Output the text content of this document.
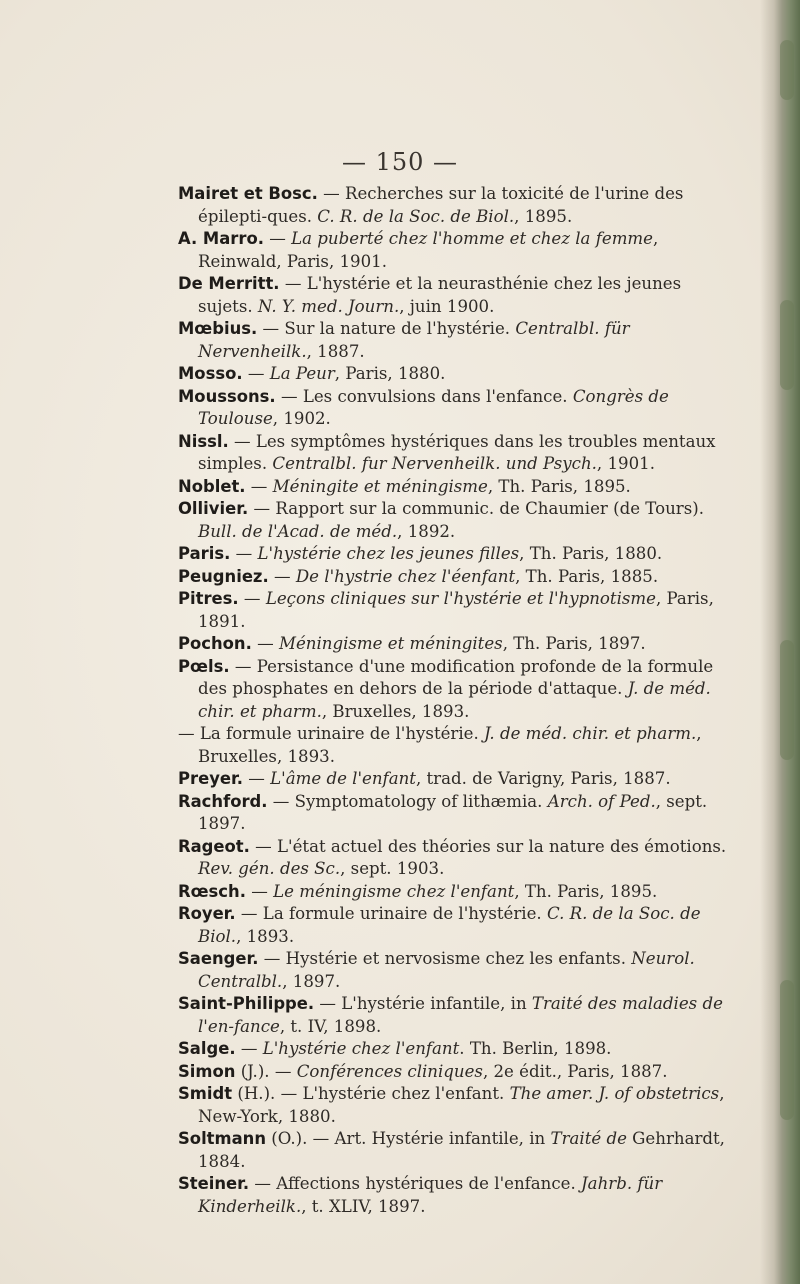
— 150 —
Mairet et Bosc. — Recherches sur la toxicité de l'urine des épilepti-ques. C. R. de la Soc. de Biol., 1895.
A. Marro. — La puberté chez l'homme et chez la femme, Reinwald, Paris, 1901.
De Merritt. — L'hystérie et la neurasthénie chez les jeunes sujets. N. Y. med. Journ., juin 1900.
Mœbius. — Sur la nature de l'hystérie. Centralbl. für Nervenheilk., 1887.
Mosso. — La Peur, Paris, 1880.
Moussons. — Les convulsions dans l'enfance. Congrès de Toulouse, 1902.
Nissl. — Les symptômes hystériques dans les troubles mentaux simples. Centralbl. fur Nervenheilk. und Psych., 1901.
Noblet. — Méningite et méningisme, Th. Paris, 1895.
Ollivier. — Rapport sur la communic. de Chaumier (de Tours). Bull. de l'Acad. de méd., 1892.
Paris. — L'hystérie chez les jeunes filles, Th. Paris, 1880.
Peugniez. — De l'hystrie chez l'éenfant, Th. Paris, 1885.
Pitres. — Leçons cliniques sur l'hystérie et l'hypnotisme, Paris, 1891.
Pochon. — Méningisme et méningites, Th. Paris, 1897.
Pœls. — Persistance d'une modification profonde de la formule des phosphates en dehors de la période d'attaque. J. de méd. chir. et pharm., Bruxelles, 1893.
— La formule urinaire de l'hystérie. J. de méd. chir. et pharm., Bruxelles, 1893.
Preyer. — L'âme de l'enfant, trad. de Varigny, Paris, 1887.
Rachford. — Symptomatology of lithæmia. Arch. of Ped., sept. 1897.
Rageot. — L'état actuel des théories sur la nature des émotions. Rev. gén. des Sc., sept. 1903.
Rœsch. — Le méningisme chez l'enfant, Th. Paris, 1895.
Royer. — La formule urinaire de l'hystérie. C. R. de la Soc. de Biol., 1893.
Saenger. — Hystérie et nervosisme chez les enfants. Neurol. Centralbl., 1897.
Saint-Philippe. — L'hystérie infantile, in Traité des maladies de l'en-fance, t. IV, 1898.
Salge. — L'hystérie chez l'enfant. Th. Berlin, 1898.
Simon (J.). — Conférences cliniques, 2e édit., Paris, 1887.
Smidt (H.). — L'hystérie chez l'enfant. The amer. J. of obstetrics, New-York, 1880.
Soltmann (O.). — Art. Hystérie infantile, in Traité de Gehrhardt, 1884.
Steiner. — Affections hystériques de l'enfance. Jahrb. für Kinderheilk., t. XLIV, 1897.
